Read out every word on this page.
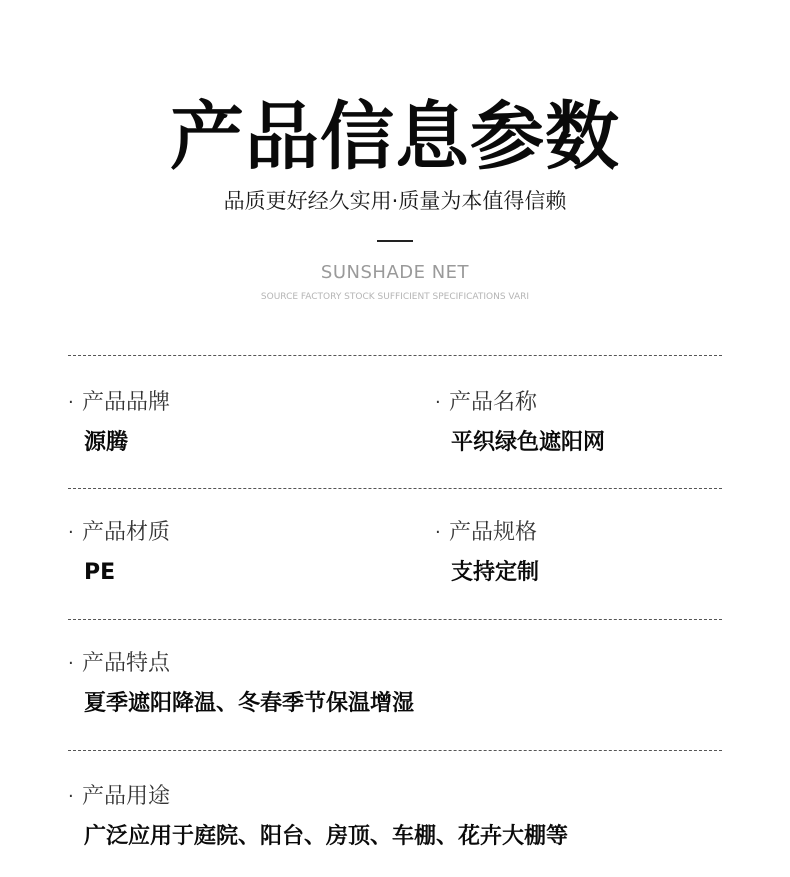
产品信息参数
品质更好经久实用·质量为本值得信赖
SUNSHADE NET
SOURCE FACTORY STOCK SUFFICIENT SPECIFICATIONS VARI
· 产品品牌
源腾
· 产品名称
平织绿色遮阳网
· 产品材质
PE
· 产品规格
支持定制
· 产品特点
夏季遮阳降温、冬春季节保温增湿
· 产品用途
广泛应用于庭院、阳台、房顶、车棚、花卉大棚等
